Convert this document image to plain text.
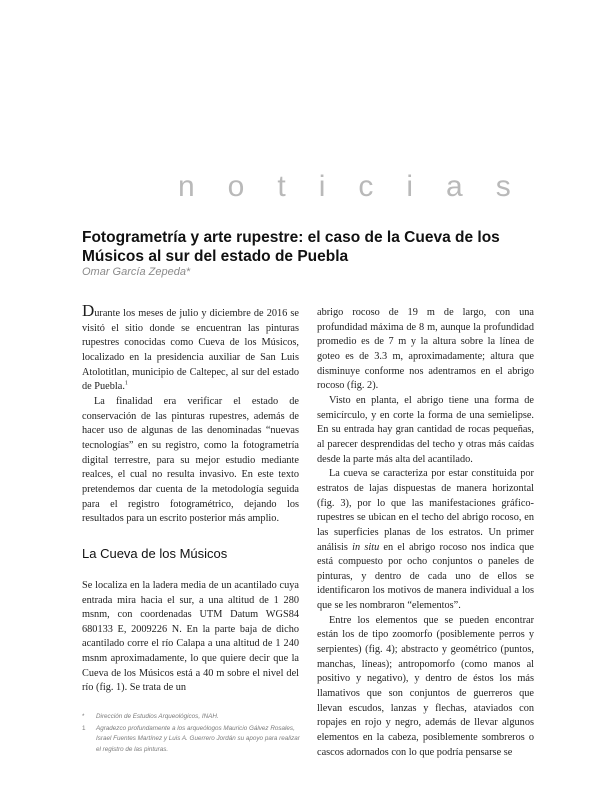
noticias
Fotogrametría y arte rupestre: el caso de la Cueva de los Músicos al sur del estado de Puebla
Omar García Zepeda*

Durante los meses de julio y diciembre de 2016 se visitó el sitio donde se encuentran las pinturas rupestres conocidas como Cueva de los Músicos, localizado en la presidencia auxiliar de San Luis Atolotitlan, municipio de Caltepec, al sur del estado de Puebla.$^1$

La finalidad era verificar el estado de conservación de las pinturas rupestres, además de hacer uso de algunas de las denominadas “nuevas tecnologías” en su registro, como la fotogrametría digital terrestre, para su mejor estudio mediante realces, el cual no resulta invasivo. En este texto pretendemos dar cuenta de la metodología seguida para el registro fotogramétrico, dejando los resultados para un escrito posterior más amplio.

La Cueva de los Músicos

Se localiza en la ladera media de un acantilado cuya entrada mira hacia el sur, a una altitud de 1 280 msnm, con coordenadas UTM Datum WGS84 680133 E, 2009226 N. En la parte baja de dicho acantilado corre el río Calapa a una altitud de 1 240 msnm aproximadamente, lo que quiere decir que la Cueva de los Músicos está a 40 m sobre el nivel del río (fig. 1). Se trata de un

abrigo rocoso de 19 m de largo, con una profundidad máxima de 8 m, aunque la profundidad promedio es de 7 m y la altura sobre la línea de goteo es de 3.3 m, aproximadamente; altura que disminuye conforme nos adentramos en el abrigo rocoso (fig. 2).

Visto en planta, el abrigo tiene una forma de semicírculo, y en corte la forma de una semielipse. En su entrada hay gran cantidad de rocas pequeñas, al parecer desprendidas del techo y otras más caídas desde la parte más alta del acantilado.

La cueva se caracteriza por estar constituida por estratos de lajas dispuestas de manera horizontal (fig. 3), por lo que las manifestaciones gráfico-rupestres se ubican en el techo del abrigo rocoso, en las superficies planas de los estratos. Un primer análisis in situ en el abrigo rocoso nos indica que está compuesto por ocho conjuntos o paneles de pinturas, y dentro de cada uno de ellos se identificaron los motivos de manera individual a los que se les nombraron “elementos”.

Entre los elementos que se pueden encontrar están los de tipo zoomorfo (posiblemente perros y serpientes) (fig. 4); abstracto y geométrico (puntos, manchas, líneas); antropomorfo (como manos al positivo y negativo), y dentro de éstos los más llamativos que son conjuntos de guerreros que llevan escudos, lanzas y flechas, ataviados con ropajes en rojo y negro, además de llevar algunos elementos en la cabeza, posiblemente sombreros o cascos adornados con lo que podría pensarse se

* Dirección de Estudios Arqueológicos, INAH.

1 Agradezco profundamente a los arqueólogos Mauricio Gálvez Rosales, Israel Fuentes Martínez y Luis A. Guerrero Jordán su apoyo para realizar el registro de las pinturas.
